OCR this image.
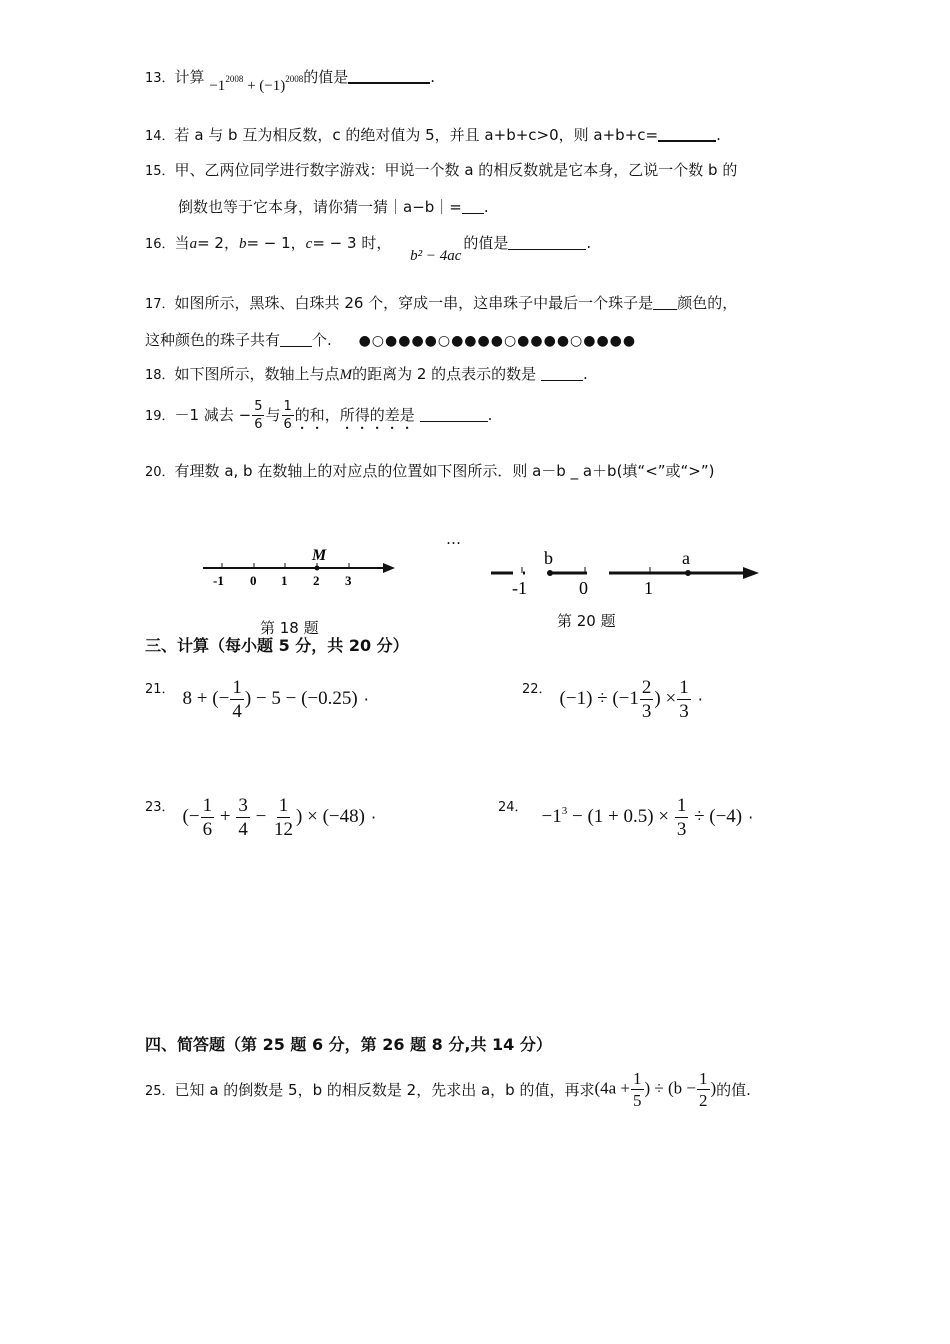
13．计算 $-1^{2008} + (-1)^{2008}$的值是	.
14．若 a 与 b 互为相反数，c 的绝对值为 5，并且 a+b+c>0，则 a+b+c=	.
15．甲、乙两位同学进行数字游戏：甲说一个数 a 的相反数就是它本身，乙说一个数 b 的
倒数也等于它本身，请你猜一猜｜a−b｜= .
16．当a= 2，b= − 1，c= − 3 时， b² − 4ac的值是	.
17．如图所示，黑珠、白珠共 26 个，穿成一串，这串珠子中最后一个珠子是 颜色的，
这种颜色的珠子共有 个. ●○●●●●○●●●●○●●●●○●●●●
18．如下图所示，数轴上与点M的距离为 2 的点表示的数是	.
19．－1 减去 − $\frac{5}{6}$ 与 $\frac{1}{6}$ 的和，所得的差是	.
20．有理数 a, b 在数轴上的对应点的位置如下图所示．则 a－b _ a＋b(填“<”或“>”)
M
-1 0 1 2 3
第 18 题
…
b	a
-1	0	1
第 20 题
三、计算（每小题 5 分，共 20 分）
21． 8 + (− $\frac{1}{4}$ ) − 5 − (−0.25) ·
22． $(-1) \div (-1 \frac{2}{3}$ ) × $\frac{1}{3}$ ·
23． (− $\frac{1}{6} + \frac{3}{4} - \frac{1}{12}$ ) × (−48) ·
24． $-1^3 - (1 + 0.5) \times \frac{1}{3} \div (-4)$ ·
四、简答题（第 25 题 6 分，第 26 题 8 分,共 14 分）
25． 已知 a 的倒数是 5，b 的相反数是 2，先求出 a，b 的值，再求 ($4a + \frac{1}{5}$ ) ÷ ($b - \frac{1}{2}$ ) 的值.
